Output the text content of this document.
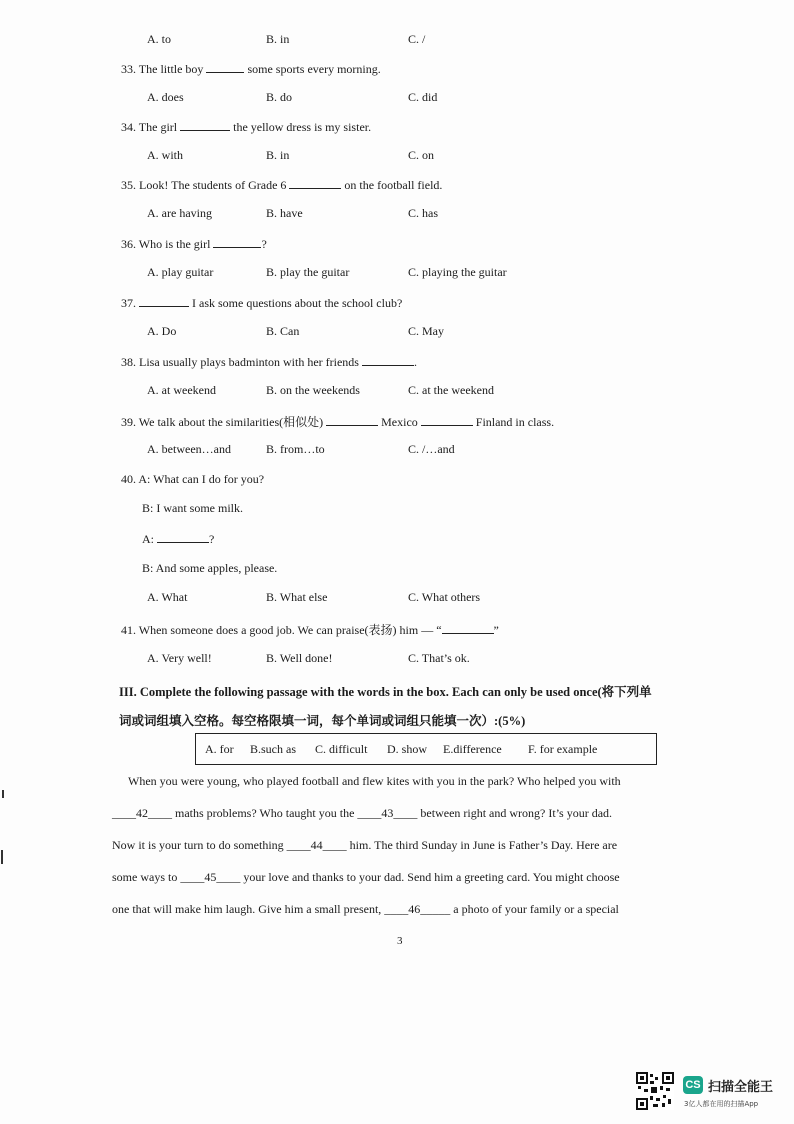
A. to	B. in	C. /
33. The little boy	some sports every morning.
A. does	B. do	C. did
34. The girl	the yellow dress is my sister.
A. with	B. in	C. on
35. Look! The students of Grade 6	on the football field.
A. are having	B. have	C. has
36. Who is the girl	?
A. play guitar	B. play the guitar	C. playing the guitar
37.	I ask some questions about the school club?
A. Do	B. Can	C. May
38. Lisa usually plays badminton with her friends	.
A. at weekend	B. on the weekends	C. at the weekend
39. We talk about the similarities(相似处)	Mexico	Finland in class.
A. between…and	B. from…to	C. /…and
40. A: What can I do for you?
B: I want some milk.
A:	?
B: And some apples, please.
A. What	B. What else	C. What others
41. When someone does a good job. We can praise(表扬) him — “	”
A. Very well!	B. Well done!	C. That’s ok.
III. Complete the following passage with the words in the box. Each can only be used once(将下列单
词或词组填入空格。每空格限填一词，每个单词或词组只能填一次）:(5%)
A. for B.such as C. difficult D. show E.difference F. for example
When you were young, who played football and flew kites with you in the park? Who helped you with
____42____ maths problems? Who taught you the ____43____ between right and wrong? It’s your dad.
Now it is your turn to do something ____44____ him. The third Sunday in June is Father’s Day. Here are
some ways to ____45____ your love and thanks to your dad. Send him a greeting card. You might choose
one that will make him laugh. Give him a small present, ____46_____ a photo of your family or a special
3
CS 扫描全能王
3亿人都在用的扫描App
